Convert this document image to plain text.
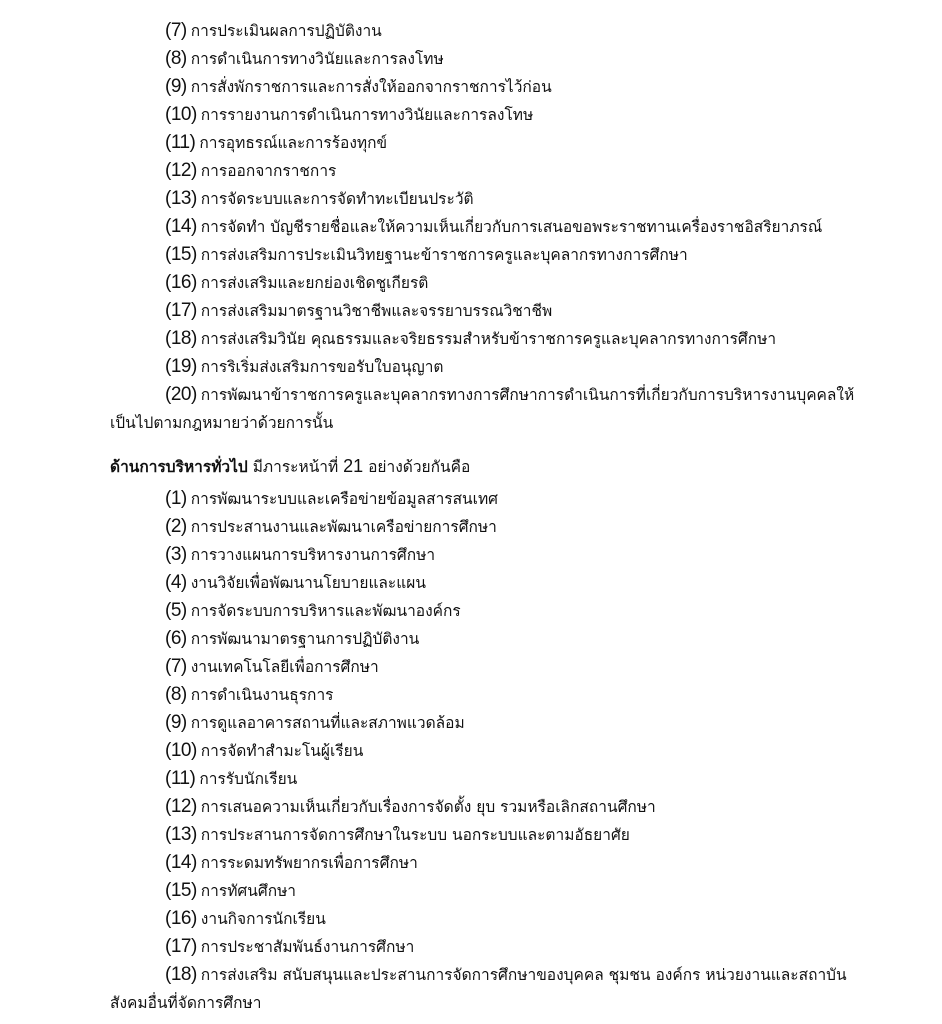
(7) การประเมินผลการปฏิบัติงาน
(8) การดำเนินการทางวินัยและการลงโทษ
(9) การสั่งพักราชการและการสั่งให้ออกจากราชการไว้ก่อน
(10) การรายงานการดำเนินการทางวินัยและการลงโทษ
(11) การอุทธรณ์และการร้องทุกข์
(12) การออกจากราชการ
(13) การจัดระบบและการจัดทำทะเบียนประวัติ
(14) การจัดทำ บัญชีรายชื่อและให้ความเห็นเกี่ยวกับการเสนอขอพระราชทานเครื่องราชอิสริยาภรณ์
(15) การส่งเสริมการประเมินวิทยฐานะข้าราชการครูและบุคลากรทางการศึกษา
(16) การส่งเสริมและยกย่องเชิดชูเกียรติ
(17) การส่งเสริมมาตรฐานวิชาชีพและจรรยาบรรณวิชาชีพ
(18) การส่งเสริมวินัย คุณธรรมและจริยธรรมสำหรับข้าราชการครูและบุคลากรทางการศึกษา
(19) การริเริ่มส่งเสริมการขอรับใบอนุญาต
(20) การพัฒนาข้าราชการครูและบุคลากรทางการศึกษาการดำเนินการที่เกี่ยวกับการบริหารงานบุคคลให้
เป็นไปตามกฎหมายว่าด้วยการนั้น
ด้านการบริหารทั่วไป มีภาระหน้าที่ 21 อย่างด้วยกันคือ
(1) การพัฒนาระบบและเครือข่ายข้อมูลสารสนเทศ
(2) การประสานงานและพัฒนาเครือข่ายการศึกษา
(3) การวางแผนการบริหารงานการศึกษา
(4) งานวิจัยเพื่อพัฒนานโยบายและแผน
(5) การจัดระบบการบริหารและพัฒนาองค์กร
(6) การพัฒนามาตรฐานการปฏิบัติงาน
(7) งานเทคโนโลยีเพื่อการศึกษา
(8) การดำเนินงานธุรการ
(9) การดูแลอาคารสถานที่และสภาพแวดล้อม
(10) การจัดทำสำมะโนผู้เรียน
(11) การรับนักเรียน
(12) การเสนอความเห็นเกี่ยวกับเรื่องการจัดตั้ง ยุบ รวมหรือเลิกสถานศึกษา
(13) การประสานการจัดการศึกษาในระบบ นอกระบบและตามอัธยาศัย
(14) การระดมทรัพยากรเพื่อการศึกษา
(15) การทัศนศึกษา
(16) งานกิจการนักเรียน
(17) การประชาสัมพันธ์งานการศึกษา
(18) การส่งเสริม สนับสนุนและประสานการจัดการศึกษาของบุคคล ชุมชน องค์กร หน่วยงานและสถาบัน
สังคมอื่นที่จัดการศึกษา
